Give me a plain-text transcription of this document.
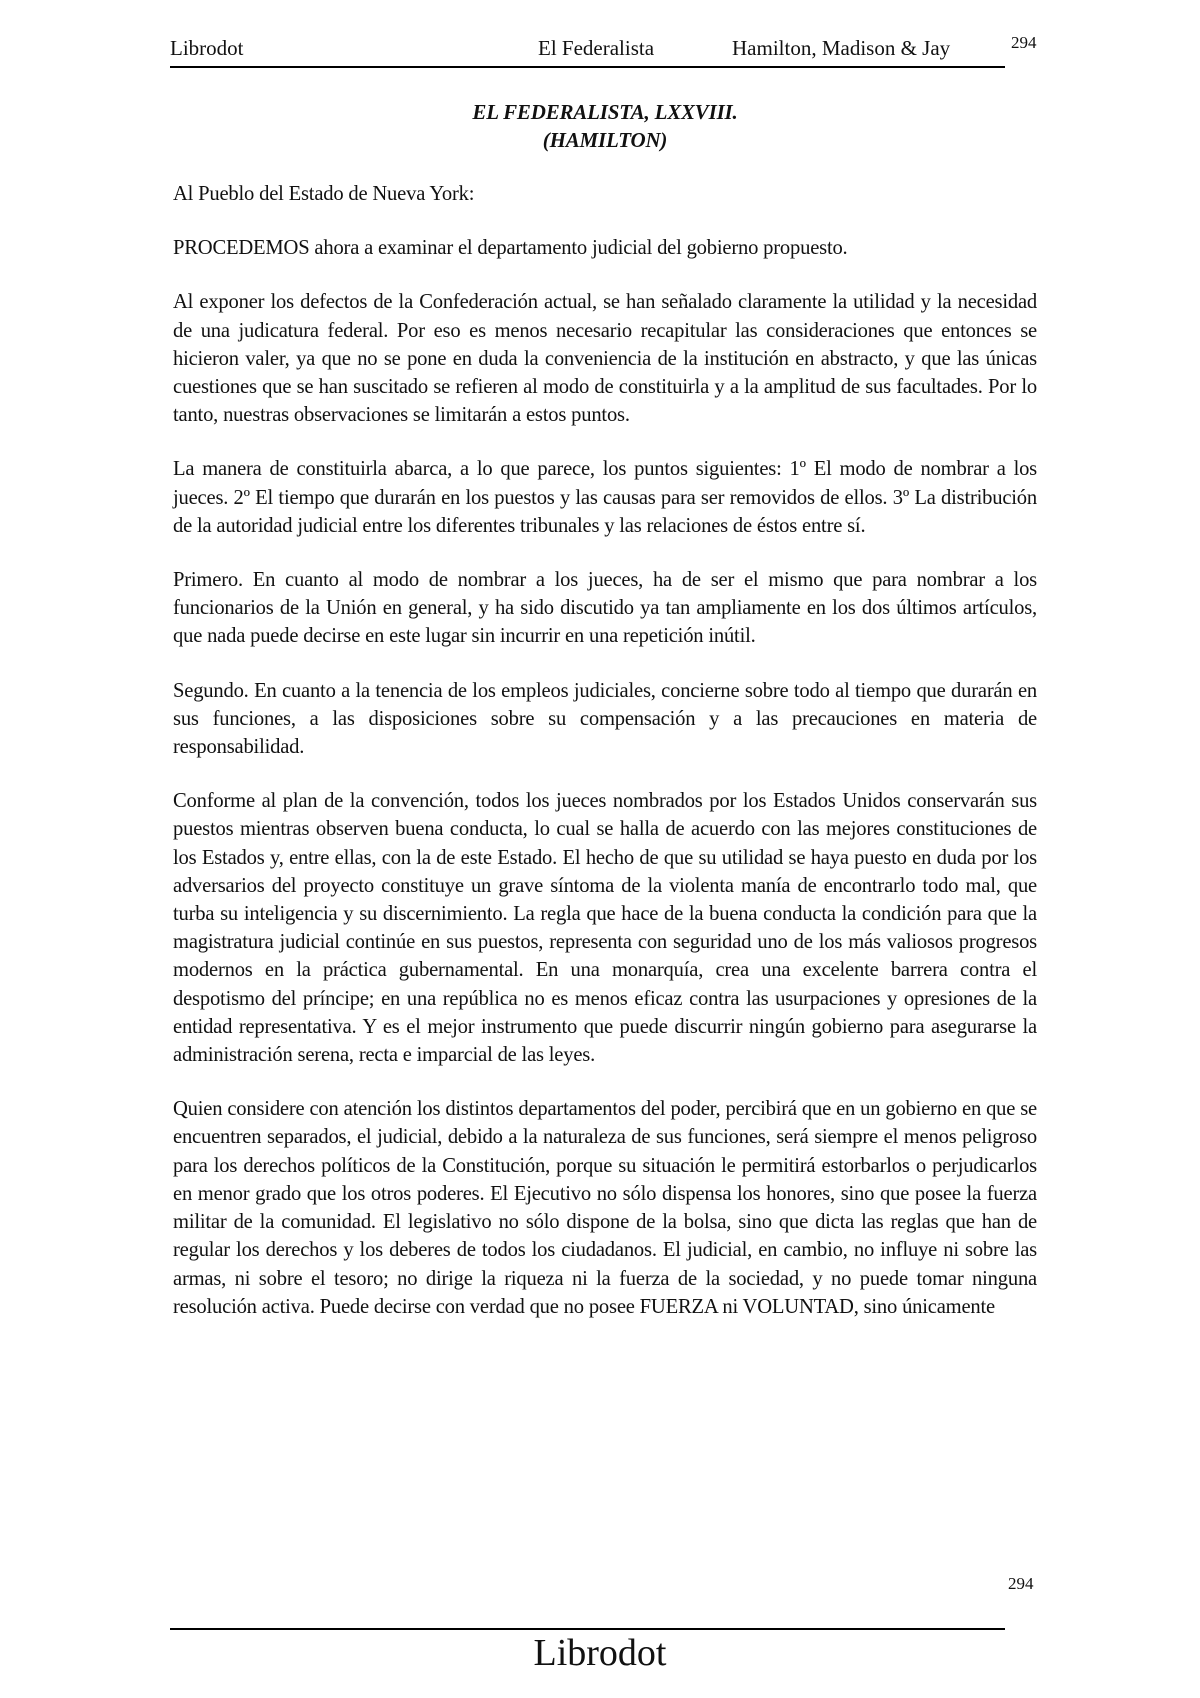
Librodot	El Federalista	Hamilton, Madison & Jay	294
EL FEDERALISTA, LXXVIII.
(HAMILTON)

Al Pueblo del Estado de Nueva York:

PROCEDEMOS ahora a examinar el departamento judicial del gobierno propuesto.

Al exponer los defectos de la Confederación actual, se han señalado claramente la utilidad y la necesidad de una judicatura federal. Por eso es menos necesario recapitular las consideraciones que entonces se hicieron valer, ya que no se pone en duda la conveniencia de la institución en abstracto, y que las únicas cuestiones que se han suscitado se refieren al modo de constituirla y a la amplitud de sus facultades. Por lo tanto, nuestras observaciones se limitarán a estos puntos.

La manera de constituirla abarca, a lo que parece, los puntos siguientes: 1º El modo de nombrar a los jueces. 2º El tiempo que durarán en los puestos y las causas para ser removidos de ellos. 3º La distribución de la autoridad judicial entre los diferentes tribunales y las relaciones de éstos entre sí.

Primero. En cuanto al modo de nombrar a los jueces, ha de ser el mismo que para nombrar a los funcionarios de la Unión en general, y ha sido discutido ya tan ampliamente en los dos últimos artículos, que nada puede decirse en este lugar sin incurrir en una repetición inútil.

Segundo. En cuanto a la tenencia de los empleos judiciales, concierne sobre todo al tiempo que durarán en sus funciones, a las disposiciones sobre su compensación y a las precauciones en materia de responsabilidad.

Conforme al plan de la convención, todos los jueces nombrados por los Estados Unidos conservarán sus puestos mientras observen buena conducta, lo cual se halla de acuerdo con las mejores constituciones de los Estados y, entre ellas, con la de este Estado. El hecho de que su utilidad se haya puesto en duda por los adversarios del proyecto constituye un grave síntoma de la violenta manía de encontrarlo todo mal, que turba su inteligencia y su discernimiento. La regla que hace de la buena conducta la condición para que la magistratura judicial continúe en sus puestos, representa con seguridad uno de los más valiosos progresos modernos en la práctica gubernamental. En una monarquía, crea una excelente barrera contra el despotismo del príncipe; en una república no es menos eficaz contra las usurpaciones y opresiones de la entidad representativa. Y es el mejor instrumento que puede discurrir ningún gobierno para asegurarse la administración serena, recta e imparcial de las leyes.

Quien considere con atención los distintos departamentos del poder, percibirá que en un gobierno en que se encuentren separados, el judicial, debido a la naturaleza de sus funciones, será siempre el menos peligroso para los derechos políticos de la Constitución, porque su situación le permitirá estorbarlos o perjudicarlos en menor grado que los otros poderes. El Ejecutivo no sólo dispensa los honores, sino que posee la fuerza militar de la comunidad. El legislativo no sólo dispone de la bolsa, sino que dicta las reglas que han de regular los derechos y los deberes de todos los ciudadanos. El judicial, en cambio, no influye ni sobre las armas, ni sobre el tesoro; no dirige la riqueza ni la fuerza de la sociedad, y no puede tomar ninguna resolución activa. Puede decirse con verdad que no posee FUERZA ni VOLUNTAD, sino únicamente

294
Librodot
